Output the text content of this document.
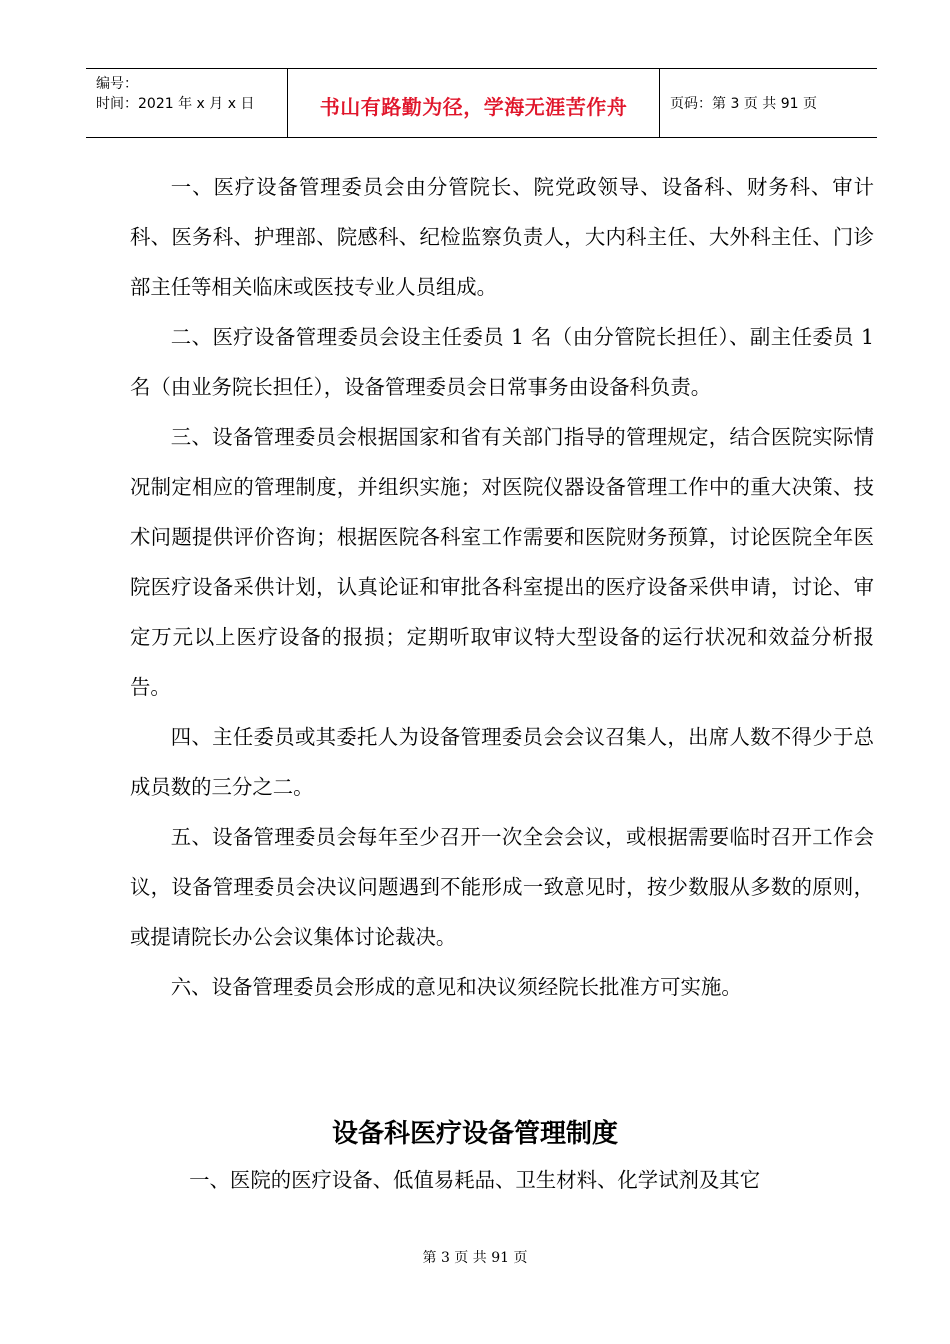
编号：
时间：2021 年 x 月 x 日	书山有路勤为径，学海无涯苦作舟	页码：第 3 页 共 91 页

一、医疗设备管理委员会由分管院长、院党政领导、设备科、财务科、审计科、医务科、护理部、院感科、纪检监察负责人，大内科主任、大外科主任、门诊部主任等相关临床或医技专业人员组成。

二、医疗设备管理委员会设主任委员 1 名（由分管院长担任）、副主任委员 1 名（由业务院长担任），设备管理委员会日常事务由设备科负责。

三、设备管理委员会根据国家和省有关部门指导的管理规定，结合医院实际情况制定相应的管理制度，并组织实施；对医院仪器设备管理工作中的重大决策、技术问题提供评价咨询；根据医院各科室工作需要和医院财务预算，讨论医院全年医院医疗设备采供计划，认真论证和审批各科室提出的医疗设备采供申请，讨论、审定万元以上医疗设备的报损；定期听取审议特大型设备的运行状况和效益分析报告。

四、主任委员或其委托人为设备管理委员会会议召集人，出席人数不得少于总成员数的三分之二。

五、设备管理委员会每年至少召开一次全会会议，或根据需要临时召开工作会议，设备管理委员会决议问题遇到不能形成一致意见时，按少数服从多数的原则，或提请院长办公会议集体讨论裁决。

六、设备管理委员会形成的意见和决议须经院长批准方可实施。

设备科医疗设备管理制度
一、医院的医疗设备、低值易耗品、卫生材料、化学试剂及其它
第 3 页 共 91 页
